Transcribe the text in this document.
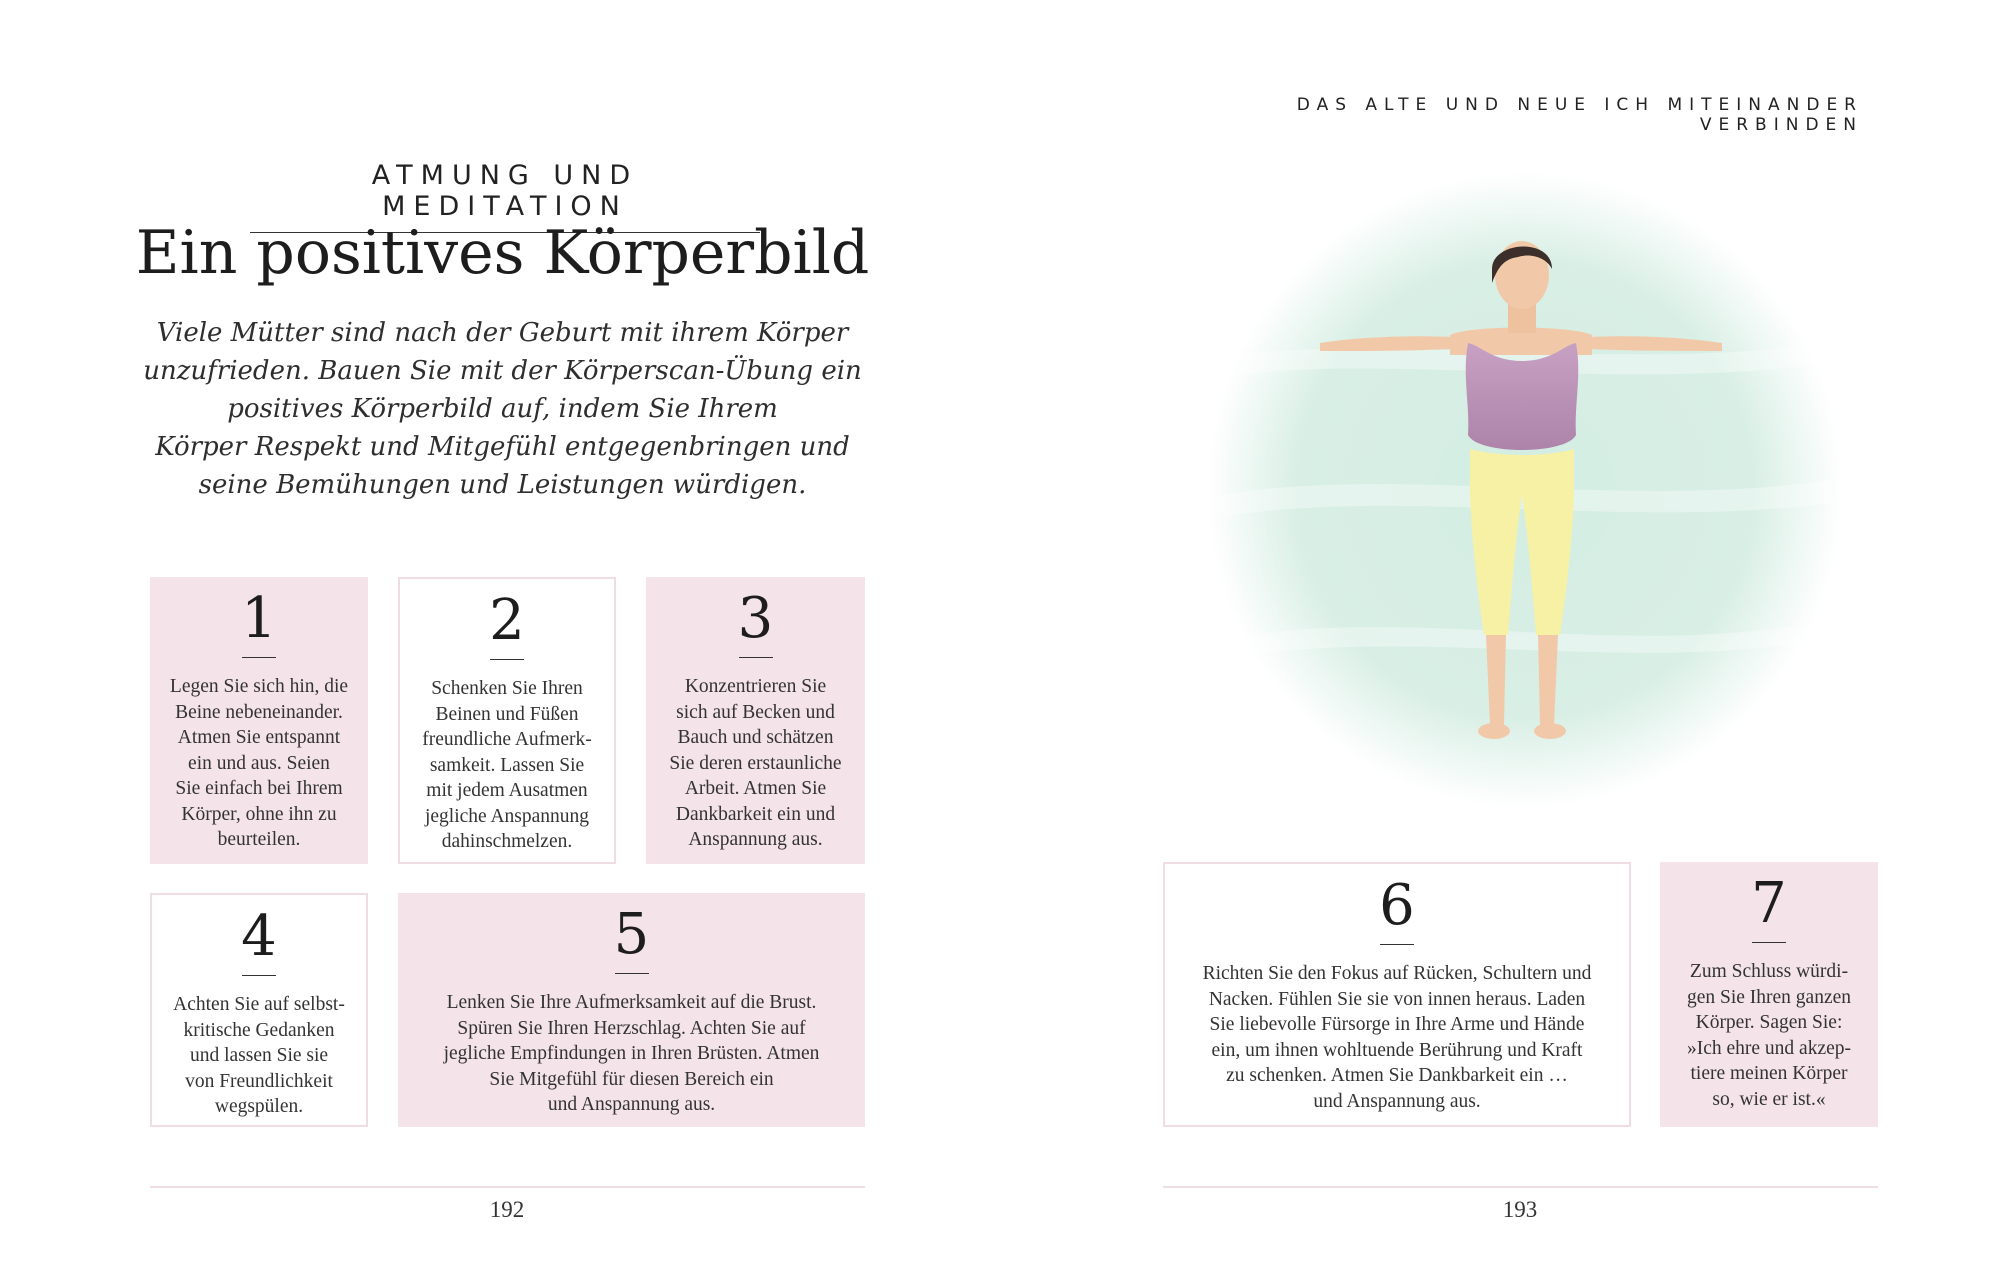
ATMUNG UND MEDITATION
Ein positives Körperbild
Viele Mütter sind nach der Geburt mit ihrem Körper
unzufrieden. Bauen Sie mit der Körperscan-Übung ein
positives Körperbild auf, indem Sie Ihrem
Körper Respekt und Mitgefühl entgegenbringen und
seine Bemühungen und Leistungen würdigen.
1
Legen Sie sich hin, die
Beine nebeneinander.
Atmen Sie entspannt
ein und aus. Seien
Sie einfach bei Ihrem
Körper, ohne ihn zu
beurteilen.
2
Schenken Sie Ihren
Beinen und Füßen
freundliche Aufmerk-
samkeit. Lassen Sie
mit jedem Ausatmen
jegliche Anspannung
dahinschmelzen.
3
Konzentrieren Sie
sich auf Becken und
Bauch und schätzen
Sie deren erstaunliche
Arbeit. Atmen Sie
Dankbarkeit ein und
Anspannung aus.
4
Achten Sie auf selbst-
kritische Gedanken
und lassen Sie sie
von Freundlichkeit
wegspülen.
5
Lenken Sie Ihre Aufmerksamkeit auf die Brust.
Spüren Sie Ihren Herzschlag. Achten Sie auf
jegliche Empfindungen in Ihren Brüsten. Atmen
Sie Mitgefühl für diesen Bereich ein
und Anspannung aus.
192
DAS ALTE UND NEUE ICH MITEINANDER VERBINDEN
6
Richten Sie den Fokus auf Rücken, Schultern und
Nacken. Fühlen Sie sie von innen heraus. Laden
Sie liebevolle Fürsorge in Ihre Arme und Hände
ein, um ihnen wohltuende Berührung und Kraft
zu schenken. Atmen Sie Dankbarkeit ein …
und Anspannung aus.
7
Zum Schluss würdi-
gen Sie Ihren ganzen
Körper. Sagen Sie:
»Ich ehre und akzep-
tiere meinen Körper
so, wie er ist.«
193
